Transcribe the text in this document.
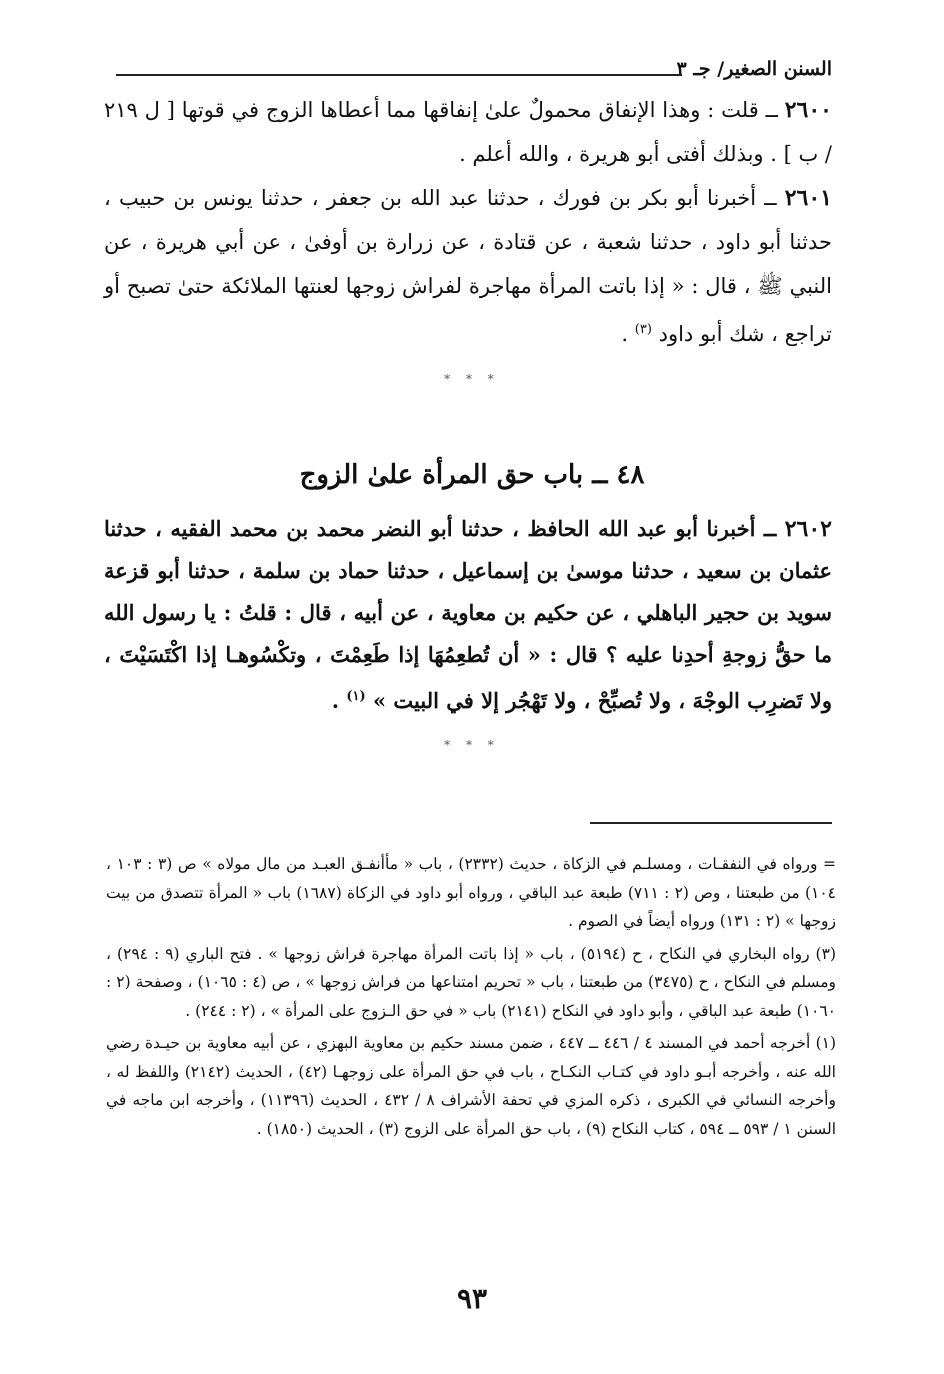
السنن الصغير/ جـ ٣
٢٦٠٠ ــ قلت : وهذا الإنفاق محمولٌ علىٰ إنفاقها مما أعطاها الزوج في قوتها [ ل ٢١٩ / ب ] . وبذلك أفتى أبو هريرة ، والله أعلم .
٢٦٠١ ــ أخبرنا أبو بكر بن فورك ، حدثنا عبد الله بن جعفر ، حدثنا يونس بن حبيب ، حدثنا أبو داود ، حدثنا شعبة ، عن قتادة ، عن زرارة بن أوفىٰ ، عن أبي هريرة ، عن النبي ﷺ ، قال : « إذا باتت المرأة مهاجرة لفراش زوجها لعنتها الملائكة حتىٰ تصبح أو تراجع ، شك أبو داود $^{(٣)}$ .
* * *
٤٨ ــ باب حق المرأة علىٰ الزوج
٢٦٠٢ ــ أخبرنا أبو عبد الله الحافظ ، حدثنا أبو النضر محمد بن محمد الفقيه ، حدثنا عثمان بن سعيد ، حدثنا موسىٰ بن إسماعيل ، حدثنا حماد بن سلمة ، حدثنا أبو قزعة سويد بن حجير الباهلي ، عن حكيم بن معاوية ، عن أبيه ، قال : قلتُ : يا رسول الله ما حقُّ زوجةِ أحدِنا عليه ؟ قال : « أن تُطعِمُهَا إذا طَعِمْتَ ، وتكْسُوهـا إذا اكْتَسَيْتَ ، ولا تَضرِب الوجْهَ ، ولا تُصبِّحْ ، ولا تَهْجُر إلا في البيت » $^{(١)}$ .
* * *

= ورواه في النفقـات ، ومسلـم في الزكاة ، حديث (٢٣٣٢) ، باب « مأأنفـق العبـد من مال مولاه » ص (٣ : ١٠٣ ، ١٠٤) من طبعتنا ، وص (٢ : ٧١١) طبعة عبد الباقي ، ورواه أبو داود في الزكاة (١٦٨٧) باب « المرأة تتصدق من بيت زوجها » (٢ : ١٣١) ورواه أيضاً في الصوم .

(٣) رواه البخاري في النكاح ، ح (٥١٩٤) ، باب « إذا باتت المرأة مهاجرة فراش زوجها » . فتح الباري (٩ : ٢٩٤) ، ومسلم في النكاح ، ح (٣٤٧٥) من طبعتنا ، باب « تحريم امتناعها من فراش زوجها » ، ص (٤ : ١٠٦٥) ، وصفحة (٢ : ١٠٦٠) طبعة عبد الباقي ، وأبو داود في النكاح (٢١٤١) باب « في حق الـزوج على المرأة » ، (٢ : ٢٤٤) .

(١) أخرجه أحمد في المسند ٤ / ٤٤٦ ــ ٤٤٧ ، ضمن مسند حكيم بن معاوية البهزي ، عن أبيه معاوية بن حيـدة رضي الله عنه ، وأخرجه أبـو داود في كتـاب النكـاح ، باب في حق المرأة على زوجهـا (٤٢) ، الحديث (٢١٤٢) واللفظ له ، وأخرجه النسائي في الكبرى ، ذكره المزي في تحفة الأشراف ٨ / ٤٣٢ ، الحديث (١١٣٩٦) ، وأخرجه ابن ماجه في السنن ١ / ٥٩٣ ــ ٥٩٤ ، كتاب النكاح (٩) ، باب حق المرأة على الزوج (٣) ، الحديث (١٨٥٠) .

٩٣
